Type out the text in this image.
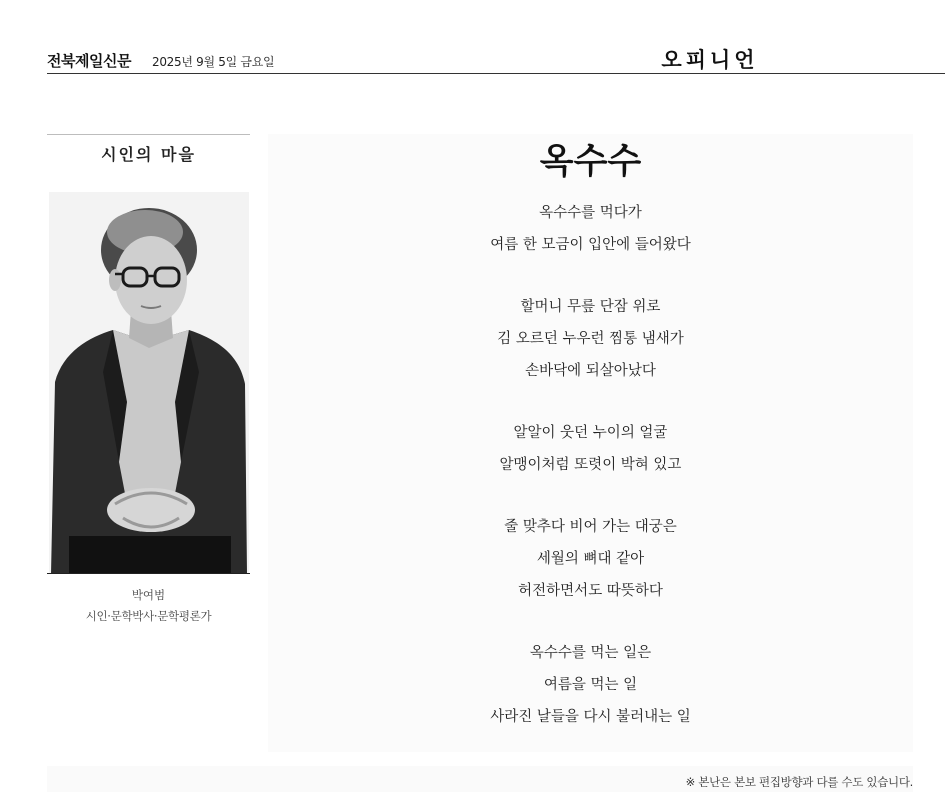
전북제일신문 2025년 9월 5일 금요일	오피니언
시인의 마을
박여범
시인·문학박사·문학평론가
옥수수
옥수수를 먹다가
여름 한 모금이 입안에 들어왔다
할머니 무릎 단잠 위로
김 오르던 누우런 찜통 냄새가
손바닥에 되살아났다
알알이 웃던 누이의 얼굴
알맹이처럼 또렷이 박혀 있고
줄 맞추다 비어 가는 대궁은
세월의 뼈대 같아
허전하면서도 따뜻하다
옥수수를 먹는 일은
여름을 먹는 일
사라진 날들을 다시 불러내는 일
※ 본난은 본보 편집방향과 다를 수도 있습니다.
